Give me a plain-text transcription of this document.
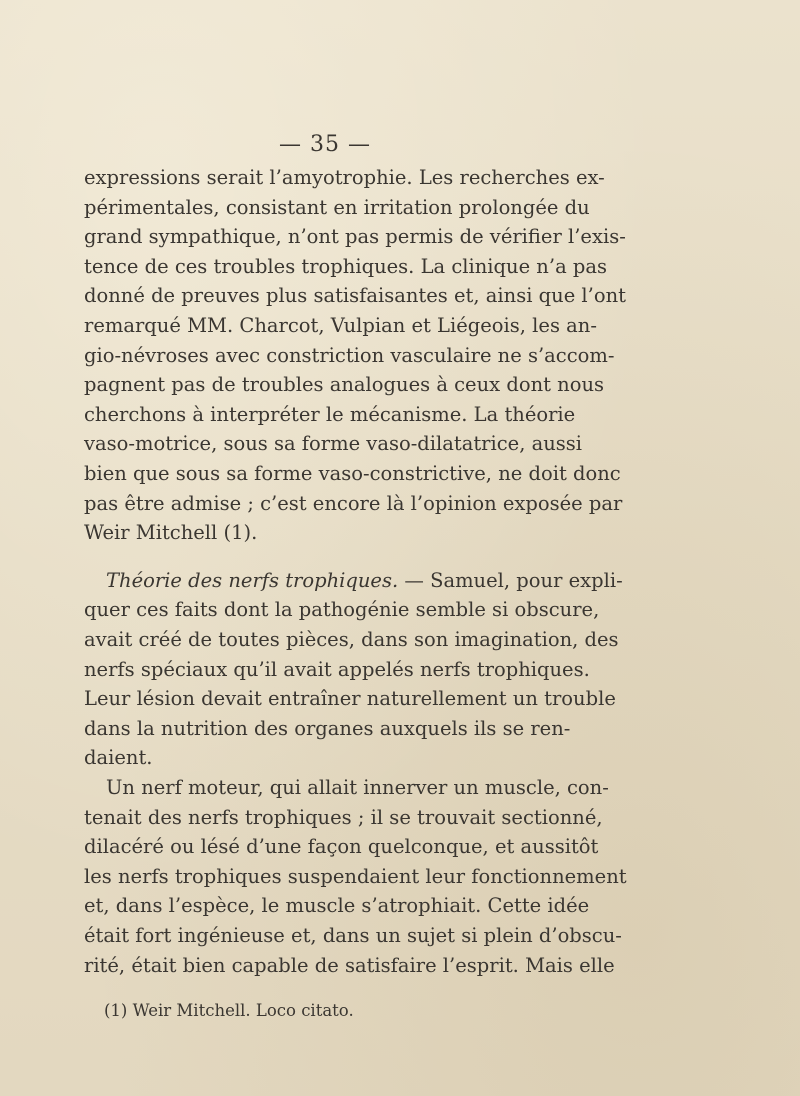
— 35 —
expressions serait l’amyotrophie. Les recherches ex-
périmentales, consistant en irritation prolongée du
grand sympathique, n’ont pas permis de vérifier l’exis-
tence de ces troubles trophiques. La clinique n’a pas
donné de preuves plus satisfaisantes et, ainsi que l’ont
remarqué MM. Charcot, Vulpian et Liégeois, les an-
gio-névroses avec constriction vasculaire ne s’accom-
pagnent pas de troubles analogues à ceux dont nous
cherchons à interpréter le mécanisme. La théorie
vaso-motrice, sous sa forme vaso-dilatatrice, aussi
bien que sous sa forme vaso-constrictive, ne doit donc
pas être admise ; c’est encore là l’opinion exposée par
Weir Mitchell (1).
Théorie des nerfs trophiques. — Samuel, pour expli-
quer ces faits dont la pathogénie semble si obscure,
avait créé de toutes pièces, dans son imagination, des
nerfs spéciaux qu’il avait appelés nerfs trophiques.
Leur lésion devait entraîner naturellement un trouble
dans la nutrition des organes auxquels ils se ren-
daient.
Un nerf moteur, qui allait innerver un muscle, con-
tenait des nerfs trophiques ; il se trouvait sectionné,
dilacéré ou lésé d’une façon quelconque, et aussitôt
les nerfs trophiques suspendaient leur fonctionnement
et, dans l’espèce, le muscle s’atrophiait. Cette idée
était fort ingénieuse et, dans un sujet si plein d’obscu-
rité, était bien capable de satisfaire l’esprit. Mais elle
(1) Weir Mitchell. Loco citato.
